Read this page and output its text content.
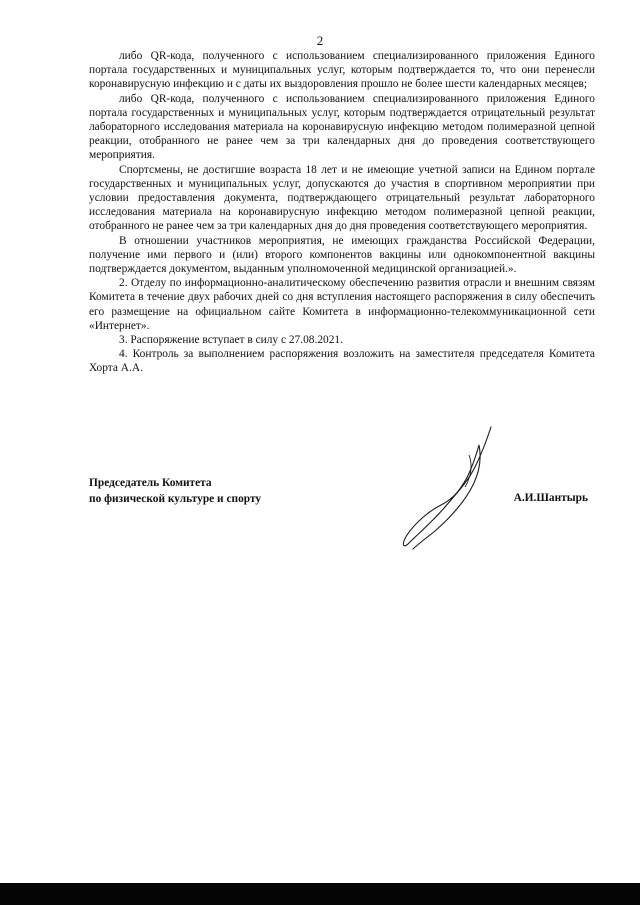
2

либо QR-кода, полученного с использованием специализированного приложения Единого портала государственных и муниципальных услуг, которым подтверждается то, что они перенесли коронавирусную инфекцию и с даты их выздоровления прошло не более шести календарных месяцев;

либо QR-кода, полученного с использованием специализированного приложения Единого портала государственных и муниципальных услуг, которым подтверждается отрицательный результат лабораторного исследования материала на коронавирусную инфекцию методом полимеразной цепной реакции, отобранного не ранее чем за три календарных дня до проведения соответствующего мероприятия.

Спортсмены, не достигшие возраста 18 лет и не имеющие учетной записи на Едином портале государственных и муниципальных услуг, допускаются до участия в спортивном мероприятии при условии предоставления документа, подтверждающего отрицательный результат лабораторного исследования материала на коронавирусную инфекцию методом полимеразной цепной реакции, отобранного не ранее чем за три календарных дня до дня проведения соответствующего мероприятия.

В отношении участников мероприятия, не имеющих гражданства Российской Федерации, получение ими первого и (или) второго компонентов вакцины или однокомпонентной вакцины подтверждается документом, выданным уполномоченной медицинской организацией.».

2. Отделу по информационно-аналитическому обеспечению развития отрасли и внешним связям Комитета в течение двух рабочих дней со дня вступления настоящего распоряжения в силу обеспечить его размещение на официальном сайте Комитета в информационно-телекоммуникационной сети «Интернет».

3. Распоряжение вступает в силу с 27.08.2021.

4. Контроль за выполнением распоряжения возложить на заместителя председателя Комитета Хорта А.А.

Председатель Комитета
по физической культуре и спорту	А.И.Шантырь
